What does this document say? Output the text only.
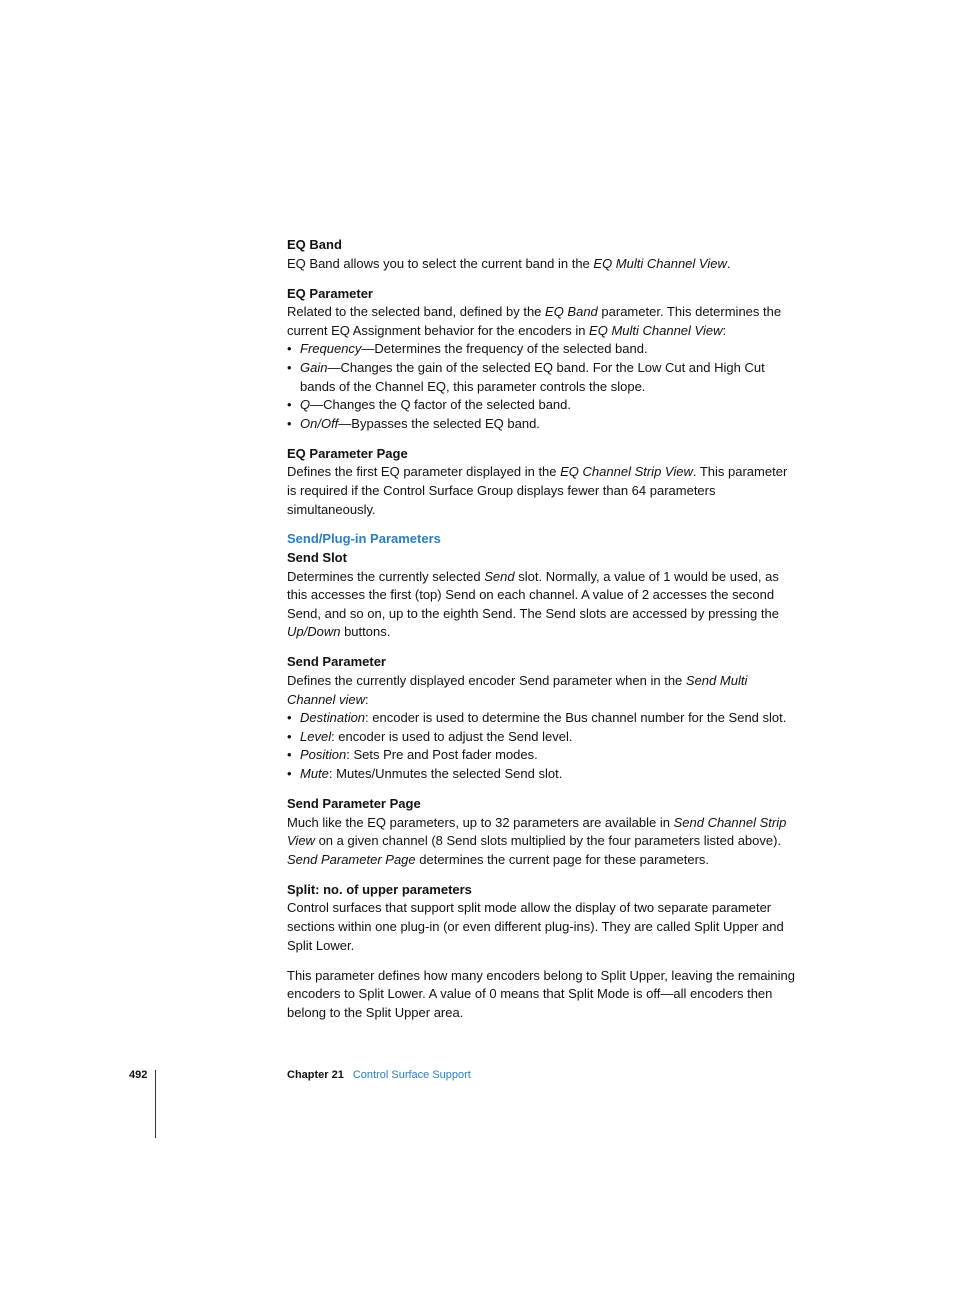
EQ Band

EQ Band allows you to select the current band in the EQ Multi Channel View.

EQ Parameter

Related to the selected band, defined by the EQ Band parameter. This determines the current EQ Assignment behavior for the encoders in EQ Multi Channel View:

• Frequency—Determines the frequency of the selected band.
• Gain—Changes the gain of the selected EQ band. For the Low Cut and High Cut bands of the Channel EQ, this parameter controls the slope.
• Q—Changes the Q factor of the selected band.
• On/Off—Bypasses the selected EQ band.
EQ Parameter Page

Defines the first EQ parameter displayed in the EQ Channel Strip View. This parameter is required if the Control Surface Group displays fewer than 64 parameters simultaneously.

Send/Plug-in Parameters
Send Slot

Determines the currently selected Send slot. Normally, a value of 1 would be used, as this accesses the first (top) Send on each channel. A value of 2 accesses the second Send, and so on, up to the eighth Send. The Send slots are accessed by pressing the Up/Down buttons.

Send Parameter

Defines the currently displayed encoder Send parameter when in the Send Multi Channel view:

• Destination: encoder is used to determine the Bus channel number for the Send slot.
• Level: encoder is used to adjust the Send level.
• Position: Sets Pre and Post fader modes.
• Mute: Mutes/Unmutes the selected Send slot.
Send Parameter Page

Much like the EQ parameters, up to 32 parameters are available in Send Channel Strip View on a given channel (8 Send slots multiplied by the four parameters listed above). Send Parameter Page determines the current page for these parameters.

Split: no. of upper parameters

Control surfaces that support split mode allow the display of two separate parameter sections within one plug-in (or even different plug-ins). They are called Split Upper and Split Lower.

This parameter defines how many encoders belong to Split Upper, leaving the remaining encoders to Split Lower. A value of 0 means that Split Mode is off—all encoders then belong to the Split Upper area.

492	Chapter 21 Control Surface Support
